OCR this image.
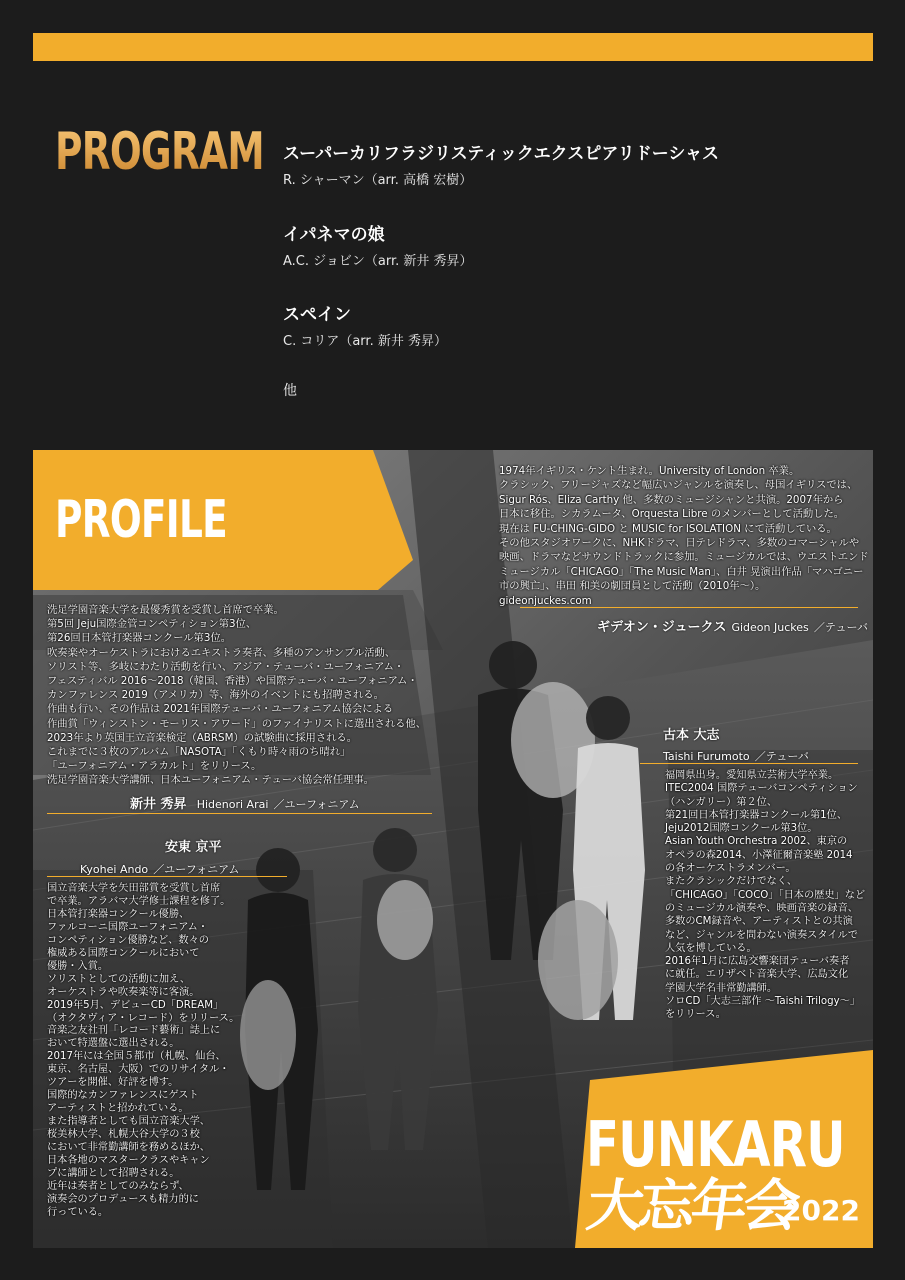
PROGRAM スーパーカリフラジリスティックエクスピアリドーシャス
R. シャーマン（arr. 高橋 宏樹）
イパネマの娘
A.C. ジョビン（arr. 新井 秀昇）
スペイン
C. コリア（arr. 新井 秀昇）
他
PROFILE
1974年イギリス・ケント生まれ。University of London 卒業。
クラシック、フリージャズなど幅広いジャンルを演奏し、母国イギリスでは、
Sigur Rós、Eliza Carthy 他、多数のミュージシャンと共演。2007年から
日本に移住。シカラムータ、Orquesta Libre のメンバーとして活動した。
現在は FU-CHING-GIDO と MUSIC for ISOLATION にて活動している。
その他スタジオワークに、NHKドラマ、日テレドラマ、多数のコマーシャルや
映画、ドラマなどサウンドトラックに参加。ミュージカルでは、ウエストエンド
ミュージカル「CHICAGO」「The Music Man」、白井 晃演出作品「マハゴニー
市の興亡」、串田 和美の劇団員として活動（2010年〜）。
gideonjuckes.com
ギデオン・ジュークス Gideon Juckes ／テューバ
洗足学園音楽大学を最優秀賞を受賞し首席で卒業。
第5回 Jeju国際金管コンペティション第3位、
第26回日本管打楽器コンクール第3位。
吹奏楽やオーケストラにおけるエキストラ奏者、多種のアンサンブル活動、
ソリスト等、多岐にわたり活動を行い、アジア・テューバ・ユーフォニアム・
フェスティバル 2016〜2018（韓国、香港）や国際テューバ・ユーフォニアム・
カンファレンス 2019（アメリカ）等、海外のイベントにも招聘される。
作曲も行い、その作品は 2021年国際テューバ・ユーフォニアム協会による
作曲賞「ウィンストン・モーリス・アワード」のファイナリストに選出される他、
2023年より英国王立音楽検定（ABRSM）の試験曲に採用される。
これまでに３枚のアルバム「NASOTA」「くもり時々雨のち晴れ」
「ユーフォニアム・アラカルト」をリリース。
洗足学園音楽大学講師、日本ユーフォニアム・テューバ協会常任理事。
新井 秀昇 Hidenori Arai ／ユーフォニアム
安東 京平
Kyohei Ando ／ユーフォニアム
国立音楽大学を矢田部賞を受賞し首席
で卒業。アラバマ大学修士課程を修了。
日本管打楽器コンクール優勝、
ファルコーニ国際ユーフォニアム・
コンペティション優勝など、数々の
権威ある国際コンクールにおいて
優勝・入賞。
ソリストとしての活動に加え、
オーケストラや吹奏楽等に客演。
2019年5月、デビューCD「DREAM」
（オクタヴィア・レコード）をリリース。
音楽之友社刊「レコード藝術」誌上に
おいて特選盤に選出される。
2017年には全国５都市（札幌、仙台、
東京、名古屋、大阪）でのリサイタル・
ツアーを開催、好評を博す。
国際的なカンファレンスにゲスト
アーティストと招かれている。
また指導者としても国立音楽大学、
桜美林大学、札幌大谷大学の３校
において非常勤講師を務めるほか、
日本各地のマスタークラスやキャン
プに講師として招聘される。
近年は奏者としてのみならず、
演奏会のプロデュースも精力的に
行っている。
古本 大志
Taishi Furumoto ／テューバ
福岡県出身。愛知県立芸術大学卒業。
ITEC2004 国際テューバコンペティション
（ハンガリー）第２位、
第21回日本管打楽器コンクール第1位、
Jeju2012国際コンクール第3位。
Asian Youth Orchestra 2002、東京の
オペラの森2014、小澤征爾音楽塾 2014
の各オーケストラメンバー。
またクラシックだけでなく、
「CHICAGO」「COCO」「日本の歴史」など
のミュージカル演奏や、映画音楽の録音、
多数のCM録音や、アーティストとの共演
など、ジャンルを問わない演奏スタイルで
人気を博している。
2016年1月に広島交響楽団テューバ奏者
に就任。エリザベト音楽大学、広島文化
学園大学名非常勤講師。
ソロCD「大志三部作 〜Taishi Trilogy〜」
をリリース。
FUNKARU
大忘年会
2022
